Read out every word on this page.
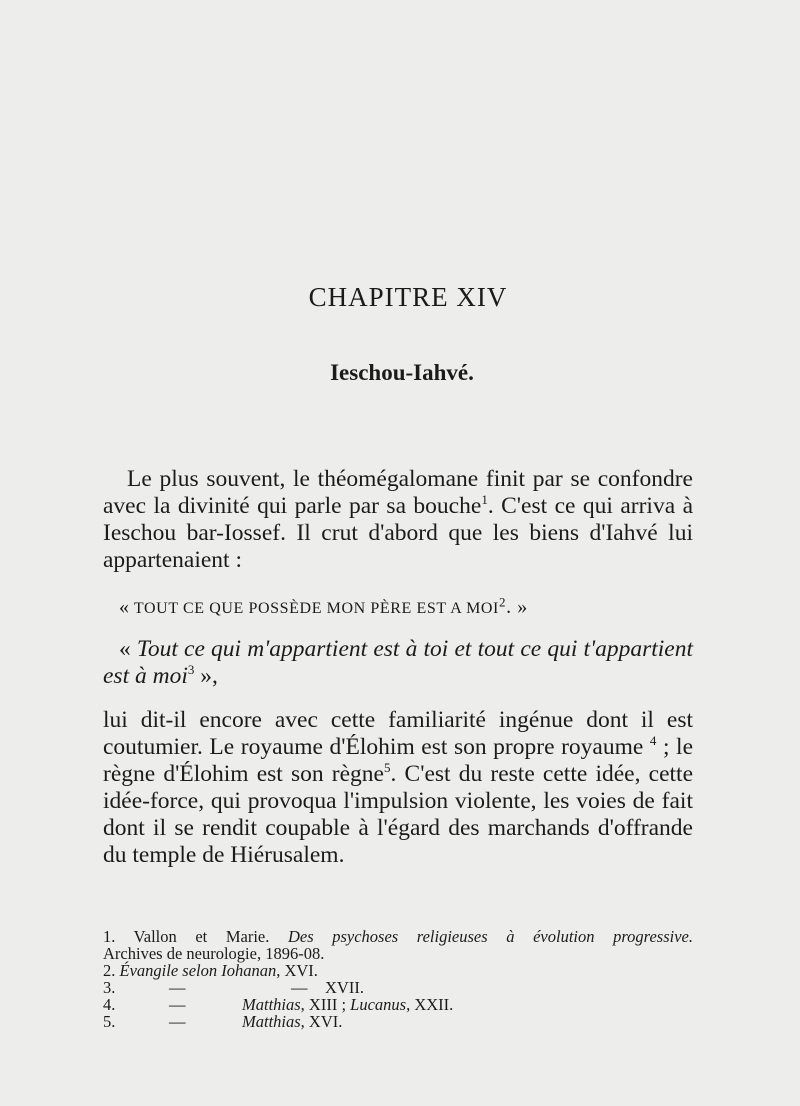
CHAPITRE XIV
Ieschou-Iahvé.
Le plus souvent, le théomégalomane finit par se confondre avec la divinité qui parle par sa bouche$^1$. C'est ce qui arriva à Ieschou bar-Iossef. Il crut d'abord que les biens d'Iahvé lui appartenaient :
« TOUT CE QUE POSSÈDE MON PÈRE EST A MOI$^2$. »
« Tout ce qui m'appartient est à toi et tout ce qui t'appartient est à moi$^3$ »,
lui dit-il encore avec cette familiarité ingénue dont il est coutumier. Le royaume d'Élohim est son propre royaume $^4$ ; le règne d'Élohim est son règne$^5$. C'est du reste cette idée, cette idée-force, qui provoqua l'impulsion violente, les voies de fait dont il se rendit coupable à l'égard des marchands d'offrande du temple de Hiérusalem.
1. Vallon et Marie. Des psychoses religieuses à évolution progressive.
Archives de neurologie, 1896-08.
2. Évangile selon Iohanan, XVI.
3.	—	— XVII.
4.	—	Matthias, XIII ; Lucanus, XXII.
5.	—	Matthias, XVI.
